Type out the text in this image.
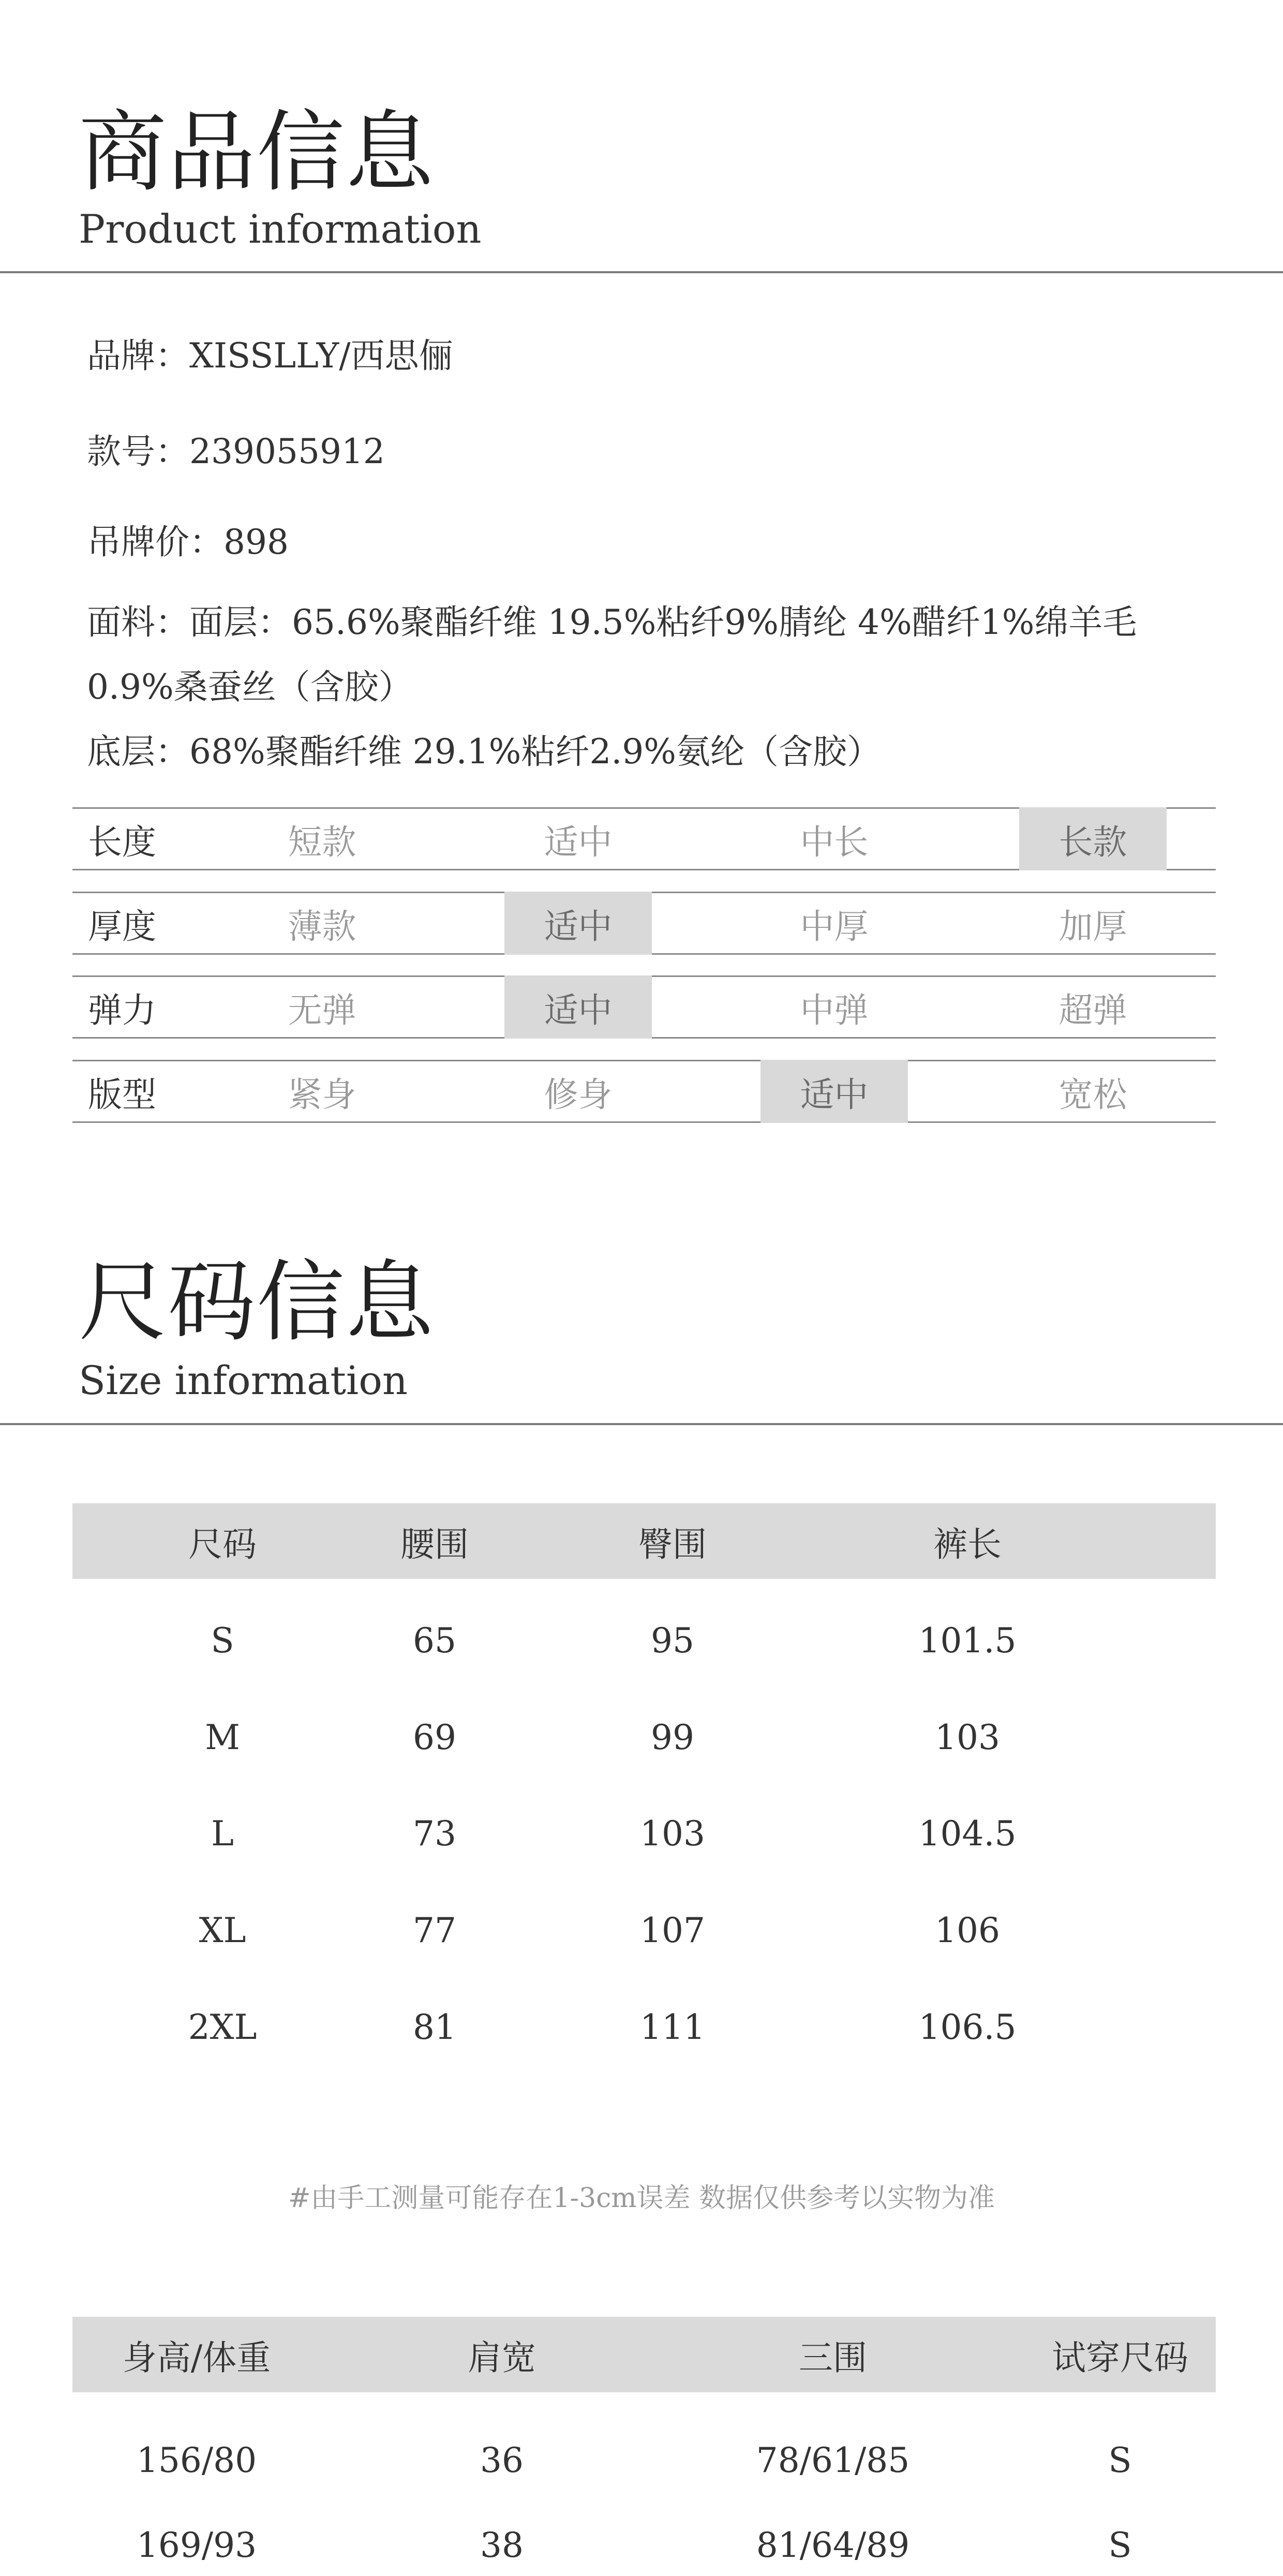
商品信息
Product information
品牌：XISSLLY/西思俪
款号：239055912
吊牌价：898
面料：面层：65.6%聚酯纤维 19.5%粘纤9%腈纶 4%醋纤1%绵羊毛
0.9%桑蚕丝（含胶）
底层：68%聚酯纤维 29.1%粘纤2.9%氨纶（含胶）
长度	短款	适中	中长	长款
厚度	薄款	适中	中厚	加厚
弹力	无弹	适中	中弹	超弹
版型	紧身	修身	适中	宽松
尺码信息
Size information
尺码	腰围	臀围	裤长
S	65	95	101.5
M	69	99	103
L	73	103	104.5
XL	77	107	106
2XL	81	111	106.5
#由手工测量可能存在1-3cm误差 数据仅供参考以实物为准
身高/体重	肩宽	三围	试穿尺码
156/80	36	78/61/85	S
169/93	38	81/64/89	S
